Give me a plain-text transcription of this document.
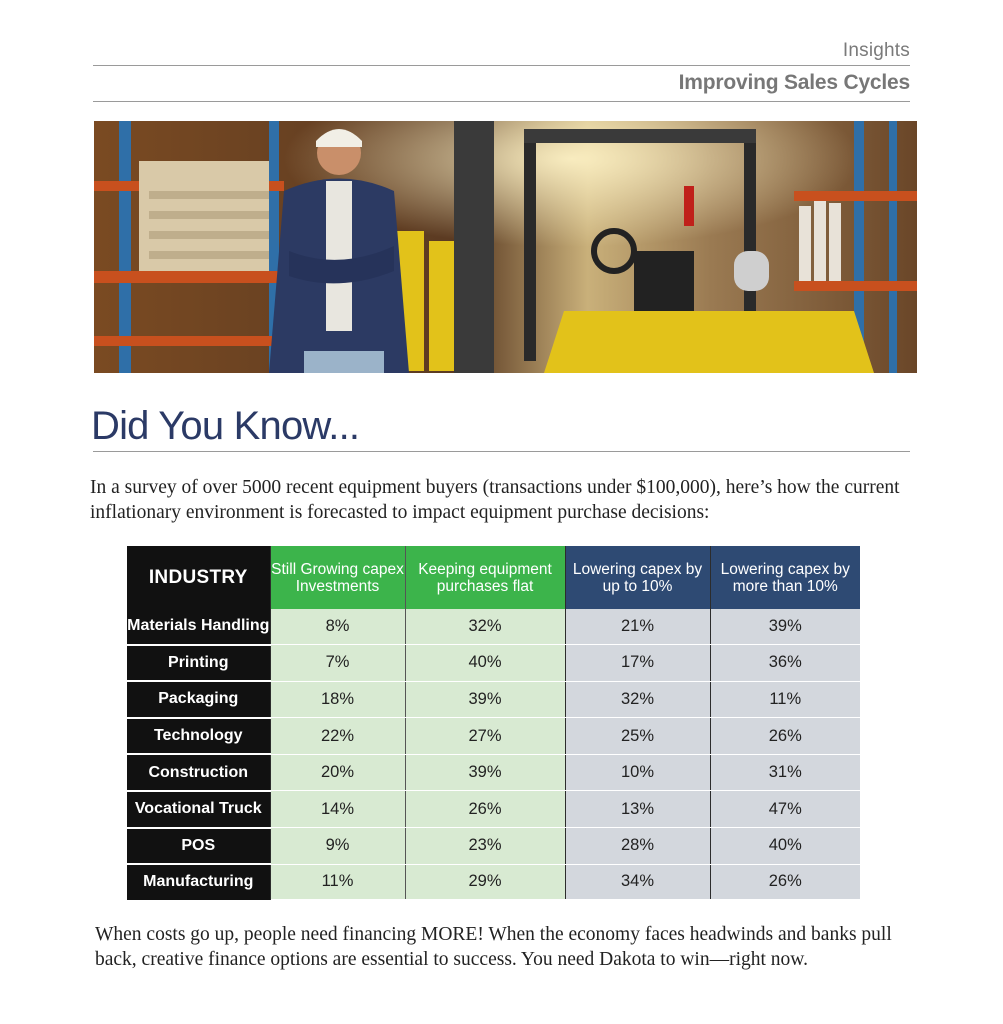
Insights
Improving Sales Cycles
Did You Know...

In a survey of over 5000 recent equipment buyers (transactions under $100,000), here’s how the current inflationary environment is forecasted to impact equipment purchase decisions:

INDUSTRY	Still Growing capex Investments	Keeping equipment purchases flat	Lowering capex by up to 10%	Lowering capex by more than 10%
Materials Handling	8%	32%	21%	39%
Printing	7%	40%	17%	36%
Packaging	18%	39%	32%	11%
Technology	22%	27%	25%	26%
Construction	20%	39%	10%	31%
Vocational Truck	14%	26%	13%	47%
POS	9%	23%	28%	40%
Manufacturing	11%	29%	34%	26%

When costs go up, people need financing MORE! When the economy faces headwinds and banks pull back, creative finance options are essential to success. You need Dakota to win—right now.
